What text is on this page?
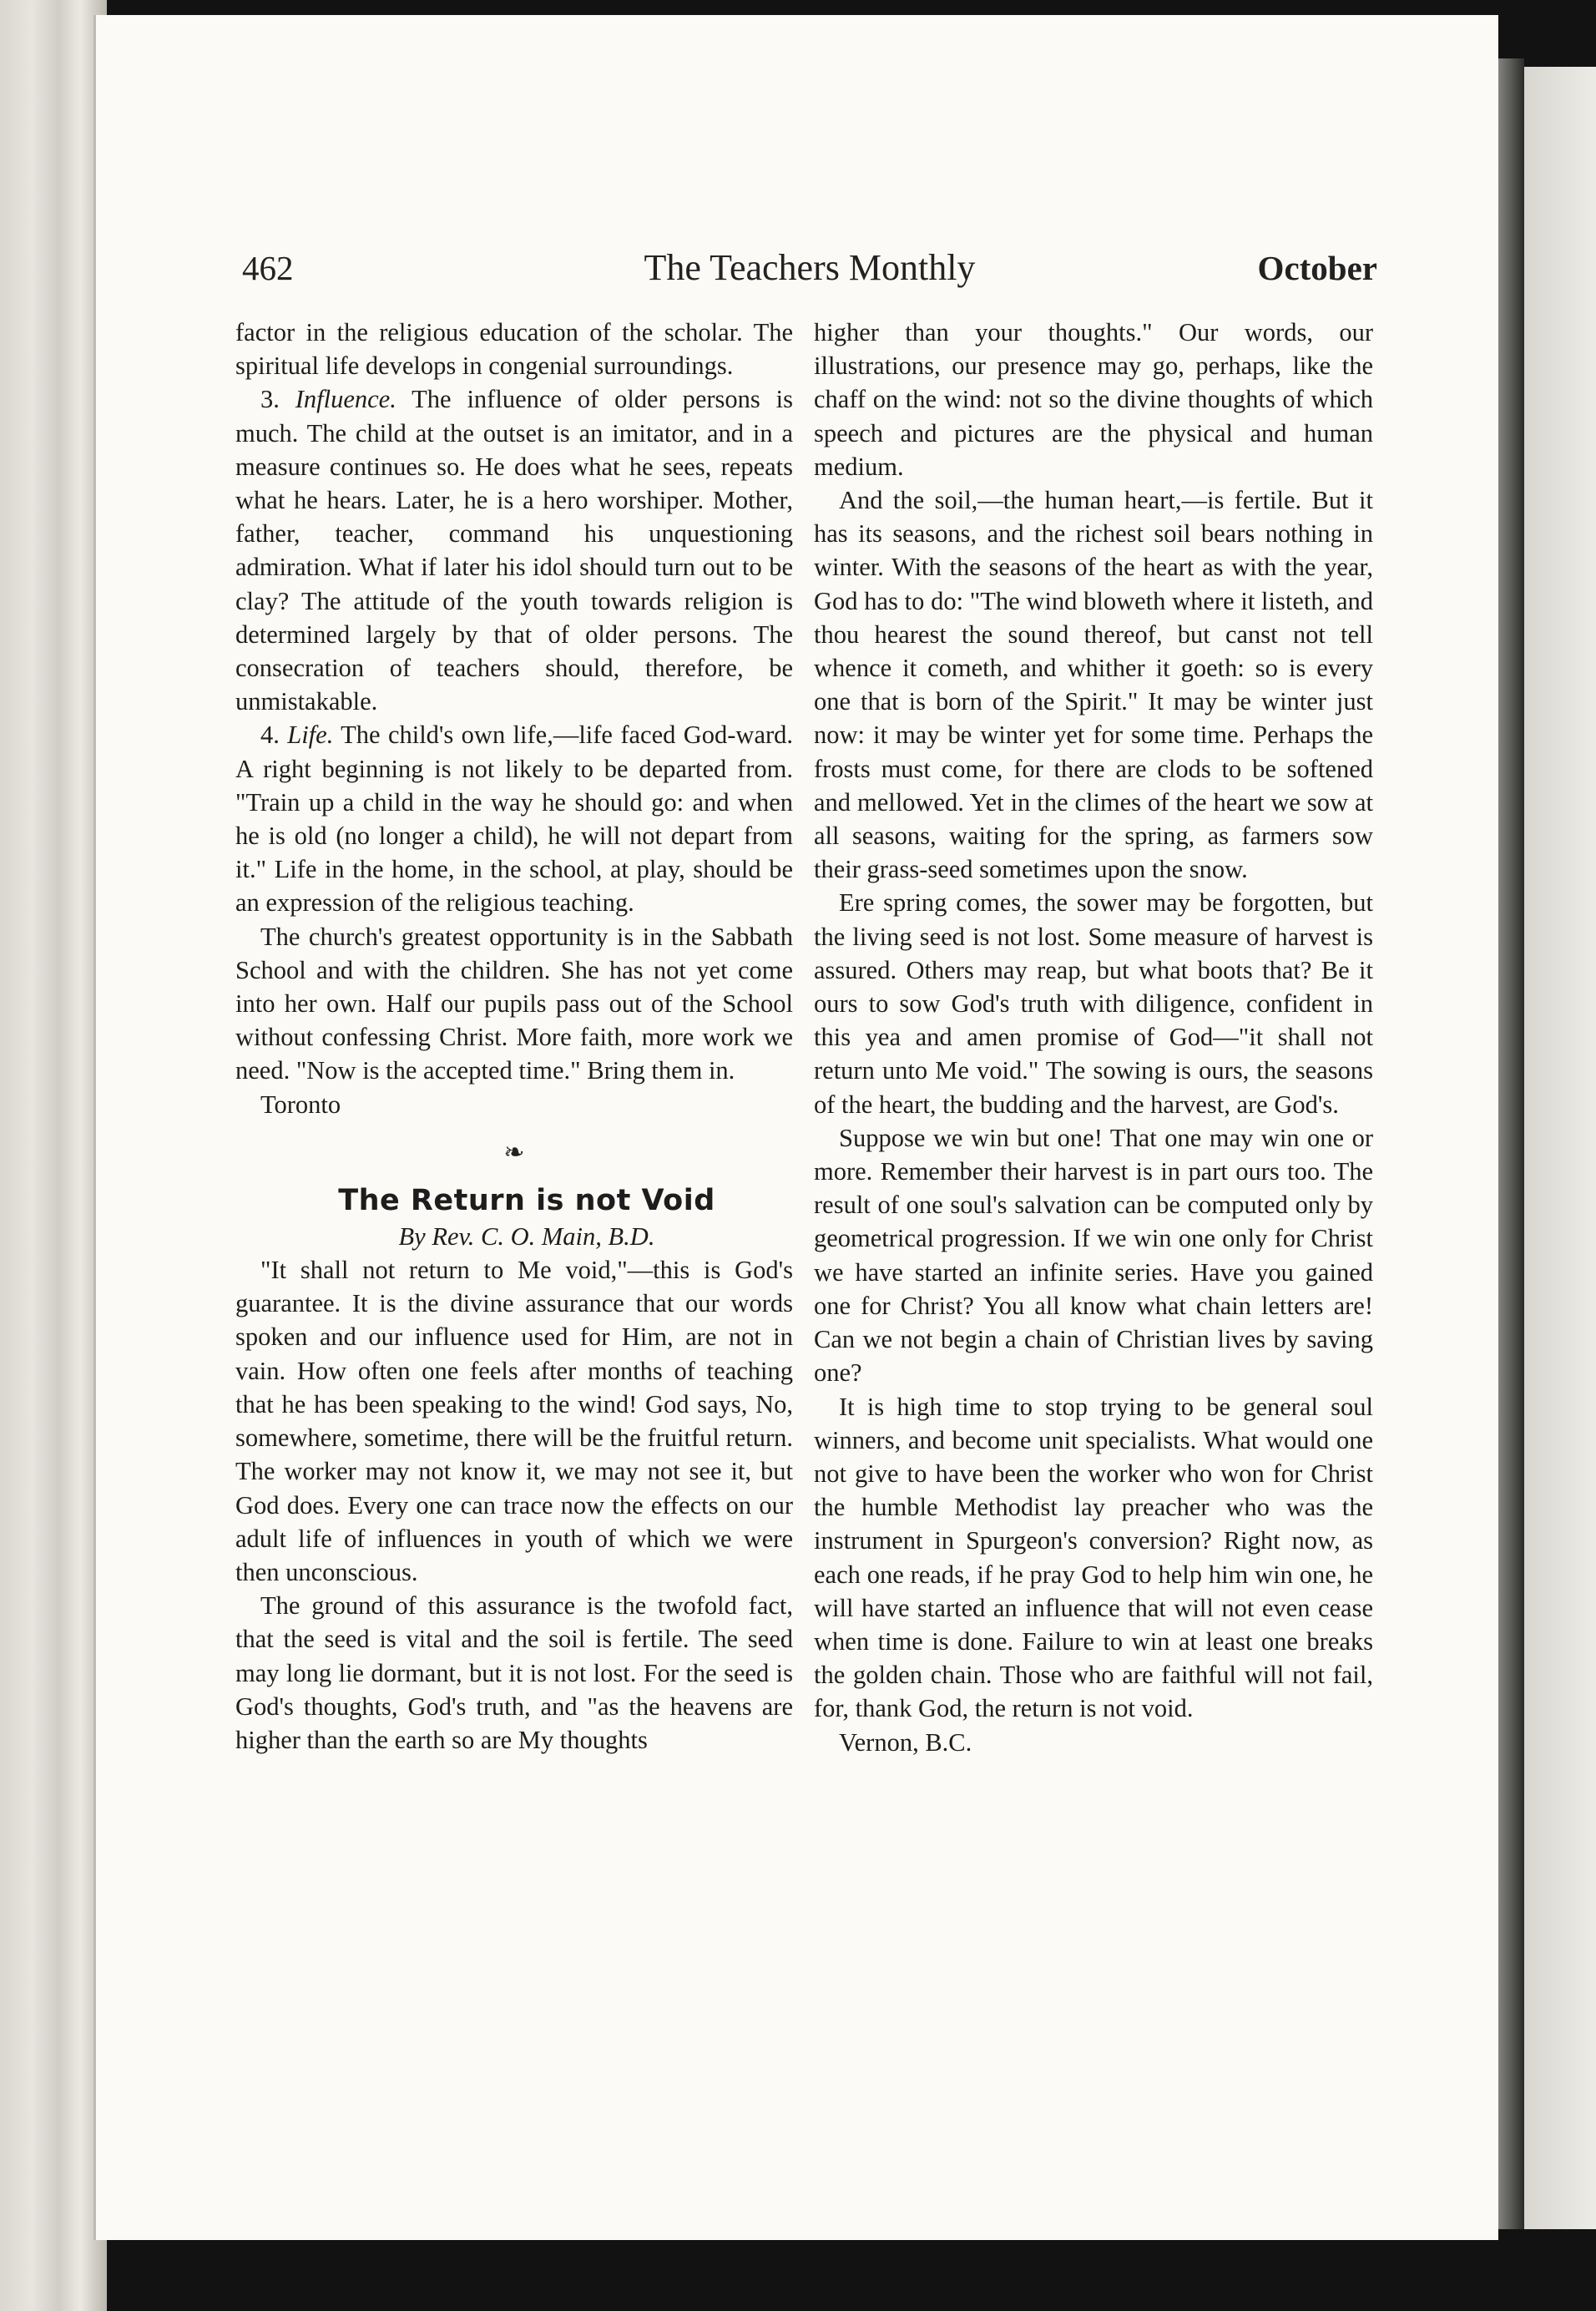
462	The Teachers Monthly	October

factor in the religious education of the scholar. The spiritual life develops in congenial surroundings.

3. Influence. The influence of older persons is much. The child at the outset is an imitator, and in a measure continues so. He does what he sees, repeats what he hears. Later, he is a hero worshiper. Mother, father, teacher, command his unquestioning admiration. What if later his idol should turn out to be clay? The attitude of the youth towards religion is determined largely by that of older persons. The consecration of teachers should, therefore, be unmistakable.

4. Life. The child's own life,—life faced God-ward. A right beginning is not likely to be departed from. "Train up a child in the way he should go: and when he is old (no longer a child), he will not depart from it." Life in the home, in the school, at play, should be an expression of the religious teaching.

The church's greatest opportunity is in the Sabbath School and with the children. She has not yet come into her own. Half our pupils pass out of the School without confessing Christ. More faith, more work we need. "Now is the accepted time." Bring them in.

Toronto

❧

The Return is not Void

By Rev. C. O. Main, B.D.

"It shall not return to Me void,"—this is God's guarantee. It is the divine assurance that our words spoken and our influence used for Him, are not in vain. How often one feels after months of teaching that he has been speaking to the wind! God says, No, somewhere, sometime, there will be the fruitful return. The worker may not know it, we may not see it, but God does. Every one can trace now the effects on our adult life of influences in youth of which we were then unconscious.

The ground of this assurance is the twofold fact, that the seed is vital and the soil is fertile. The seed may long lie dormant, but it is not lost. For the seed is God's thoughts, God's truth, and "as the heavens are higher than the earth so are My thoughts

higher than your thoughts." Our words, our illustrations, our presence may go, perhaps, like the chaff on the wind: not so the divine thoughts of which speech and pictures are the physical and human medium.

And the soil,—the human heart,—is fertile. But it has its seasons, and the richest soil bears nothing in winter. With the seasons of the heart as with the year, God has to do: "The wind bloweth where it listeth, and thou hearest the sound thereof, but canst not tell whence it cometh, and whither it goeth: so is every one that is born of the Spirit." It may be winter just now: it may be winter yet for some time. Perhaps the frosts must come, for there are clods to be softened and mellowed. Yet in the climes of the heart we sow at all seasons, waiting for the spring, as farmers sow their grass-seed sometimes upon the snow.

Ere spring comes, the sower may be forgotten, but the living seed is not lost. Some measure of harvest is assured. Others may reap, but what boots that? Be it ours to sow God's truth with diligence, confident in this yea and amen promise of God—"it shall not return unto Me void." The sowing is ours, the seasons of the heart, the budding and the harvest, are God's.

Suppose we win but one! That one may win one or more. Remember their harvest is in part ours too. The result of one soul's salvation can be computed only by geometrical progression. If we win one only for Christ we have started an infinite series. Have you gained one for Christ? You all know what chain letters are! Can we not begin a chain of Christian lives by saving one?

It is high time to stop trying to be general soul winners, and become unit specialists. What would one not give to have been the worker who won for Christ the humble Methodist lay preacher who was the instrument in Spurgeon's conversion? Right now, as each one reads, if he pray God to help him win one, he will have started an influence that will not even cease when time is done. Failure to win at least one breaks the golden chain. Those who are faithful will not fail, for, thank God, the return is not void.

Vernon, B.C.
